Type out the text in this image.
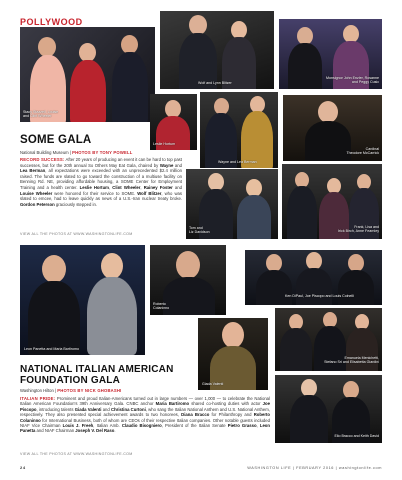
POLLYWOOD
Stacy Stazzell, Louise
and Clint Wheeler
Wolf and Lynn Blitzer
Monsignor John Enzler, Rosanne
and Peggy Cusic
Leslie Hortum
Wayne and Lea Berman
Cardinal
Theodore McCarrick
SOME GALA
National Building Museum | PHOTOS BY TONY POWELL
RECORD SUCCESS: After 20 years of producing an event it can be hard to top past successes, but for the 20th annual So Others May Eat Gala, chaired by Wayne and Lea Berman, all expectations were exceeded with an unprecedented $2.4 million raised. The funds are slated to go toward the construction of a multiuse facility on Benning Rd. NE, providing affordable housing, a SOME Center for Employment Training and a health center. Leslie Hortum, Clint Wheeler, Rainey Foster and Louise Wheeler were honored for their service to SOME. Wolf Blitzer, who was slated to emcee, had to leave quickly as news of a U.S.-Iran nuclear treaty broke. Gordon Peterson graciously stepped in.
VIEW ALL THE PHOTOS AT WWW.WASHINGTONLIFE.COM
Tom and
Liz Davidson
Frank, Lisa and
Irick Birch, Anne Fearnley
Leon Panetta and Maria Bartiromo
Roberto
Colaninno
Giada Valenti
Ken DiPaul, Joe Piscopo and Louis Colnelli
Emanuela Menichetti,
Stefano Sri and Elisabetta Giardini
Elio Bracco and Keith David
NATIONAL ITALIAN AMERICAN
FOUNDATION GALA
Washington Hilton | PHOTOS BY NICK GHOBASHI
ITALIAN PRIDE: Prominent and proud Italian-Americans turned out in large numbers — over 1,000 — to celebrate the National Italian American Foundation's 39th Anniversary Gala. CNBC anchor Maria Bartiromo shared co-hosting duties with actor Joe Piscopo, introducing talents Giada Valenti and Christina Curtoni, who sang the Italian National Anthem and U.S. National Anthem, respectively. They also presented special achievement awards to two honorees, Diana Bracco for Philanthropy and Roberto Colaninno for International Business, both of whom are CEOs of their respective Italian companies. Other notable guests included NIAF Vice Chairman Louis J. Freeh, Italian Amb. Claudio Bisogniero, President of the Italian Senate Pietro Grasso, Leon Panetta and NIAF Chairman Joseph V. Del Raso.
VIEW ALL THE PHOTOS AT WWW.WASHINGTONLIFE.COM
24	WASHINGTON LIFE | FEBRUARY 2016 | washingtonlife.com
